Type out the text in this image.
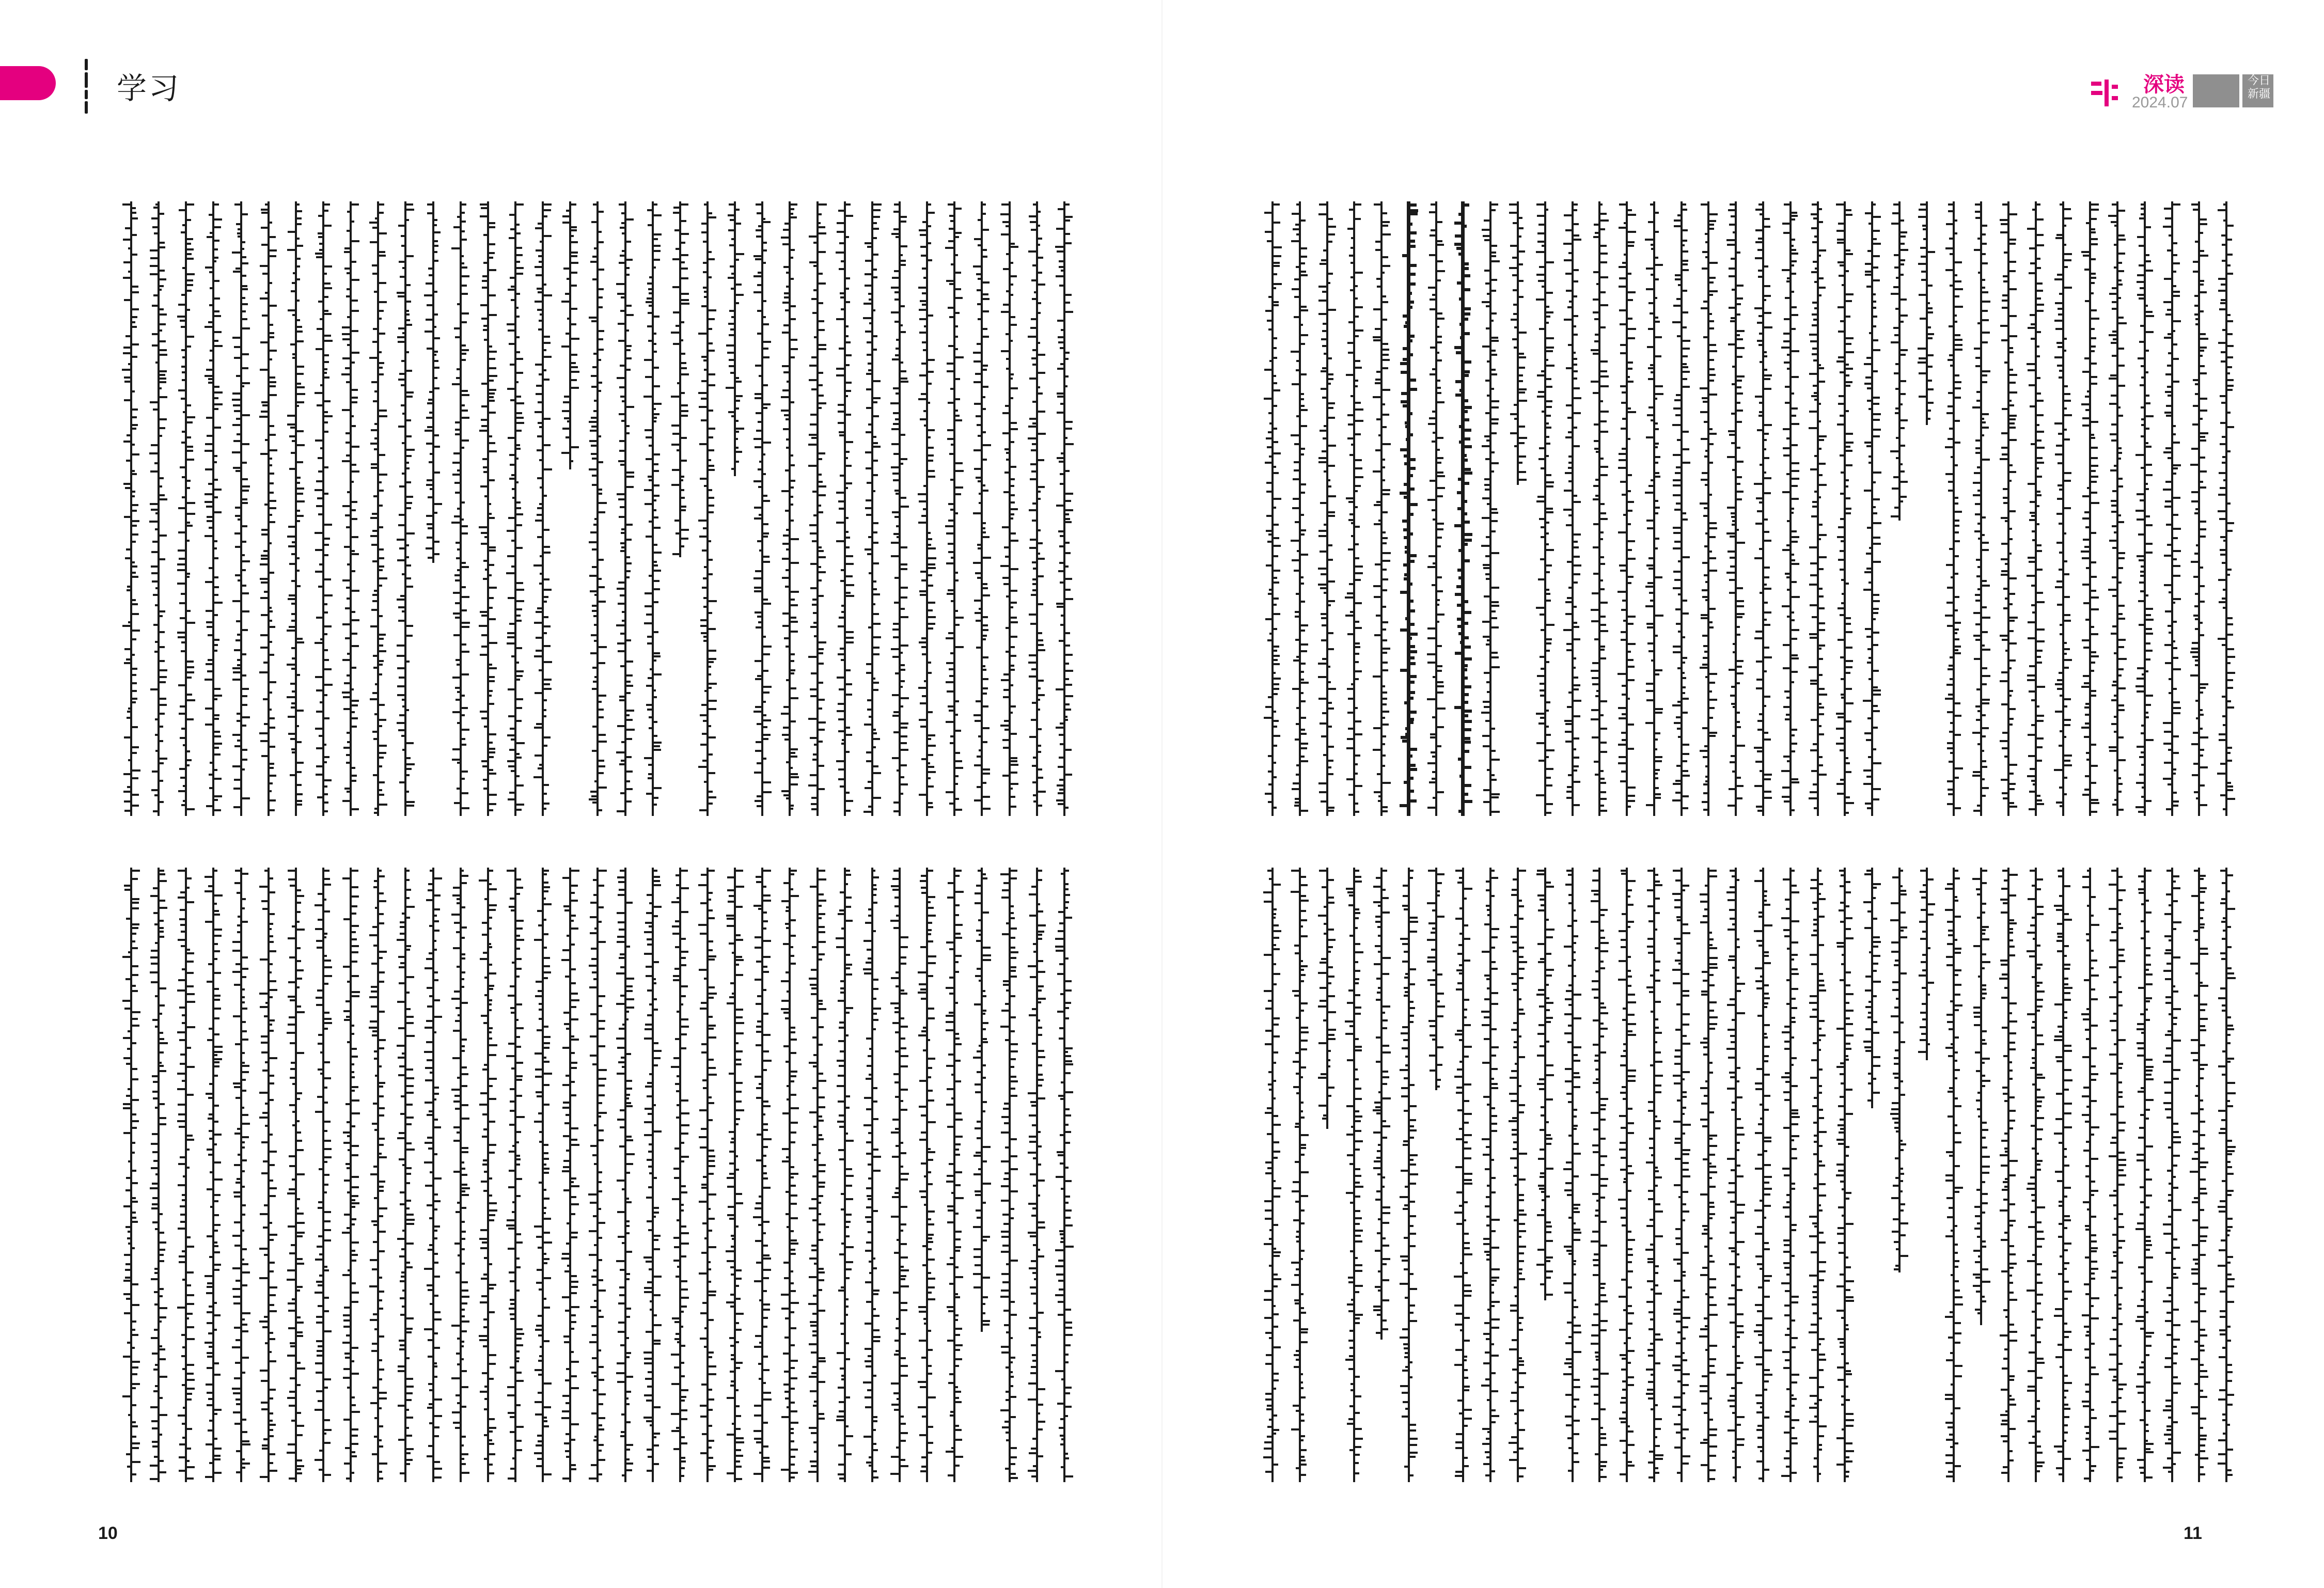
学习	深读
2024.07
今日 新疆
10	11
